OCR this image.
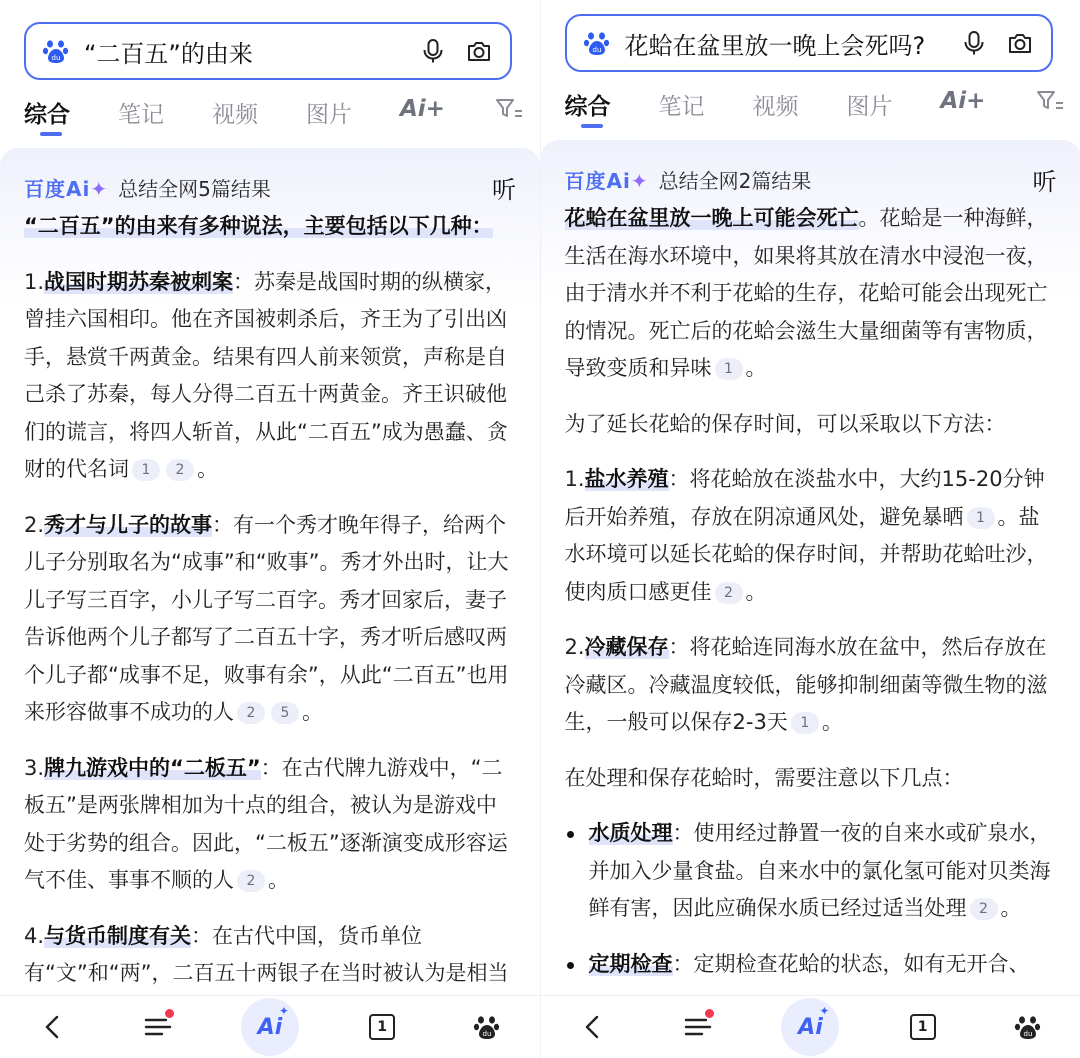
du “二百五”的由来
综合	笔记	视频	图片	Ai+
百度Ai✦ 总结全网5篇结果	听

“二百五”的由来有多种说法，主要包括以下几种：

1.战国时期苏秦被刺案：苏秦是战国时期的纵横家，曾挂六国相印。他在齐国被刺杀后，齐王为了引出凶手，悬赏千两黄金。结果有四人前来领赏，声称是自己杀了苏秦，每人分得二百五十两黄金。齐王识破他们的谎言，将四人斩首，从此“二百五”成为愚蠢、贪财的代名词 1 2 。

2.秀才与儿子的故事：有一个秀才晚年得子，给两个儿子分别取名为“成事”和“败事”。秀才外出时，让大儿子写三百字，小儿子写二百字。秀才回家后，妻子告诉他两个儿子都写了二百五十字，秀才听后感叹两个儿子都“成事不足，败事有余”，从此“二百五”也用来形容做事不成功的人 2 5 。

3.牌九游戏中的“二板五”：在古代牌九游戏中，“二板五”是两张牌相加为十点的组合，被认为是游戏中处于劣势的组合。因此，“二板五”逐渐演变成形容运气不佳、事事不顺的人 2 。

4.与货币制度有关：在古代中国，货币单位有“文”和“两”，二百五十两银子在当时被认为是相当

Ai
✦
1	du
du 花蛤在盆里放一晚上会死吗?
综合	笔记	视频	图片	Ai+
百度Ai✦ 总结全网2篇结果	听

花蛤在盆里放一晚上可能会死亡。花蛤是一种海鲜，生活在海水环境中，如果将其放在清水中浸泡一夜，由于清水并不利于花蛤的生存，花蛤可能会出现死亡的情况。死亡后的花蛤会滋生大量细菌等有害物质，导致变质和异味 1 。

为了延长花蛤的保存时间，可以采取以下方法：

1.盐水养殖：将花蛤放在淡盐水中，大约15-20分钟后开始养殖，存放在阴凉通风处，避免暴晒 1 。盐水环境可以延长花蛤的保存时间，并帮助花蛤吐沙，使肉质口感更佳 2 。

2.冷藏保存：将花蛤连同海水放在盆中，然后存放在冷藏区。冷藏温度较低，能够抑制细菌等微生物的滋生，一般可以保存2-3天 1 。

在处理和保存花蛤时，需要注意以下几点：

水质处理：使用经过静置一夜的自来水或矿泉水，并加入少量食盐。自来水中的氯化氢可能对贝类海鲜有害，因此应确保水质已经过适当处理 2 。

定期检查：定期检查花蛤的状态，如有无开合、

Ai
✦
1	du
